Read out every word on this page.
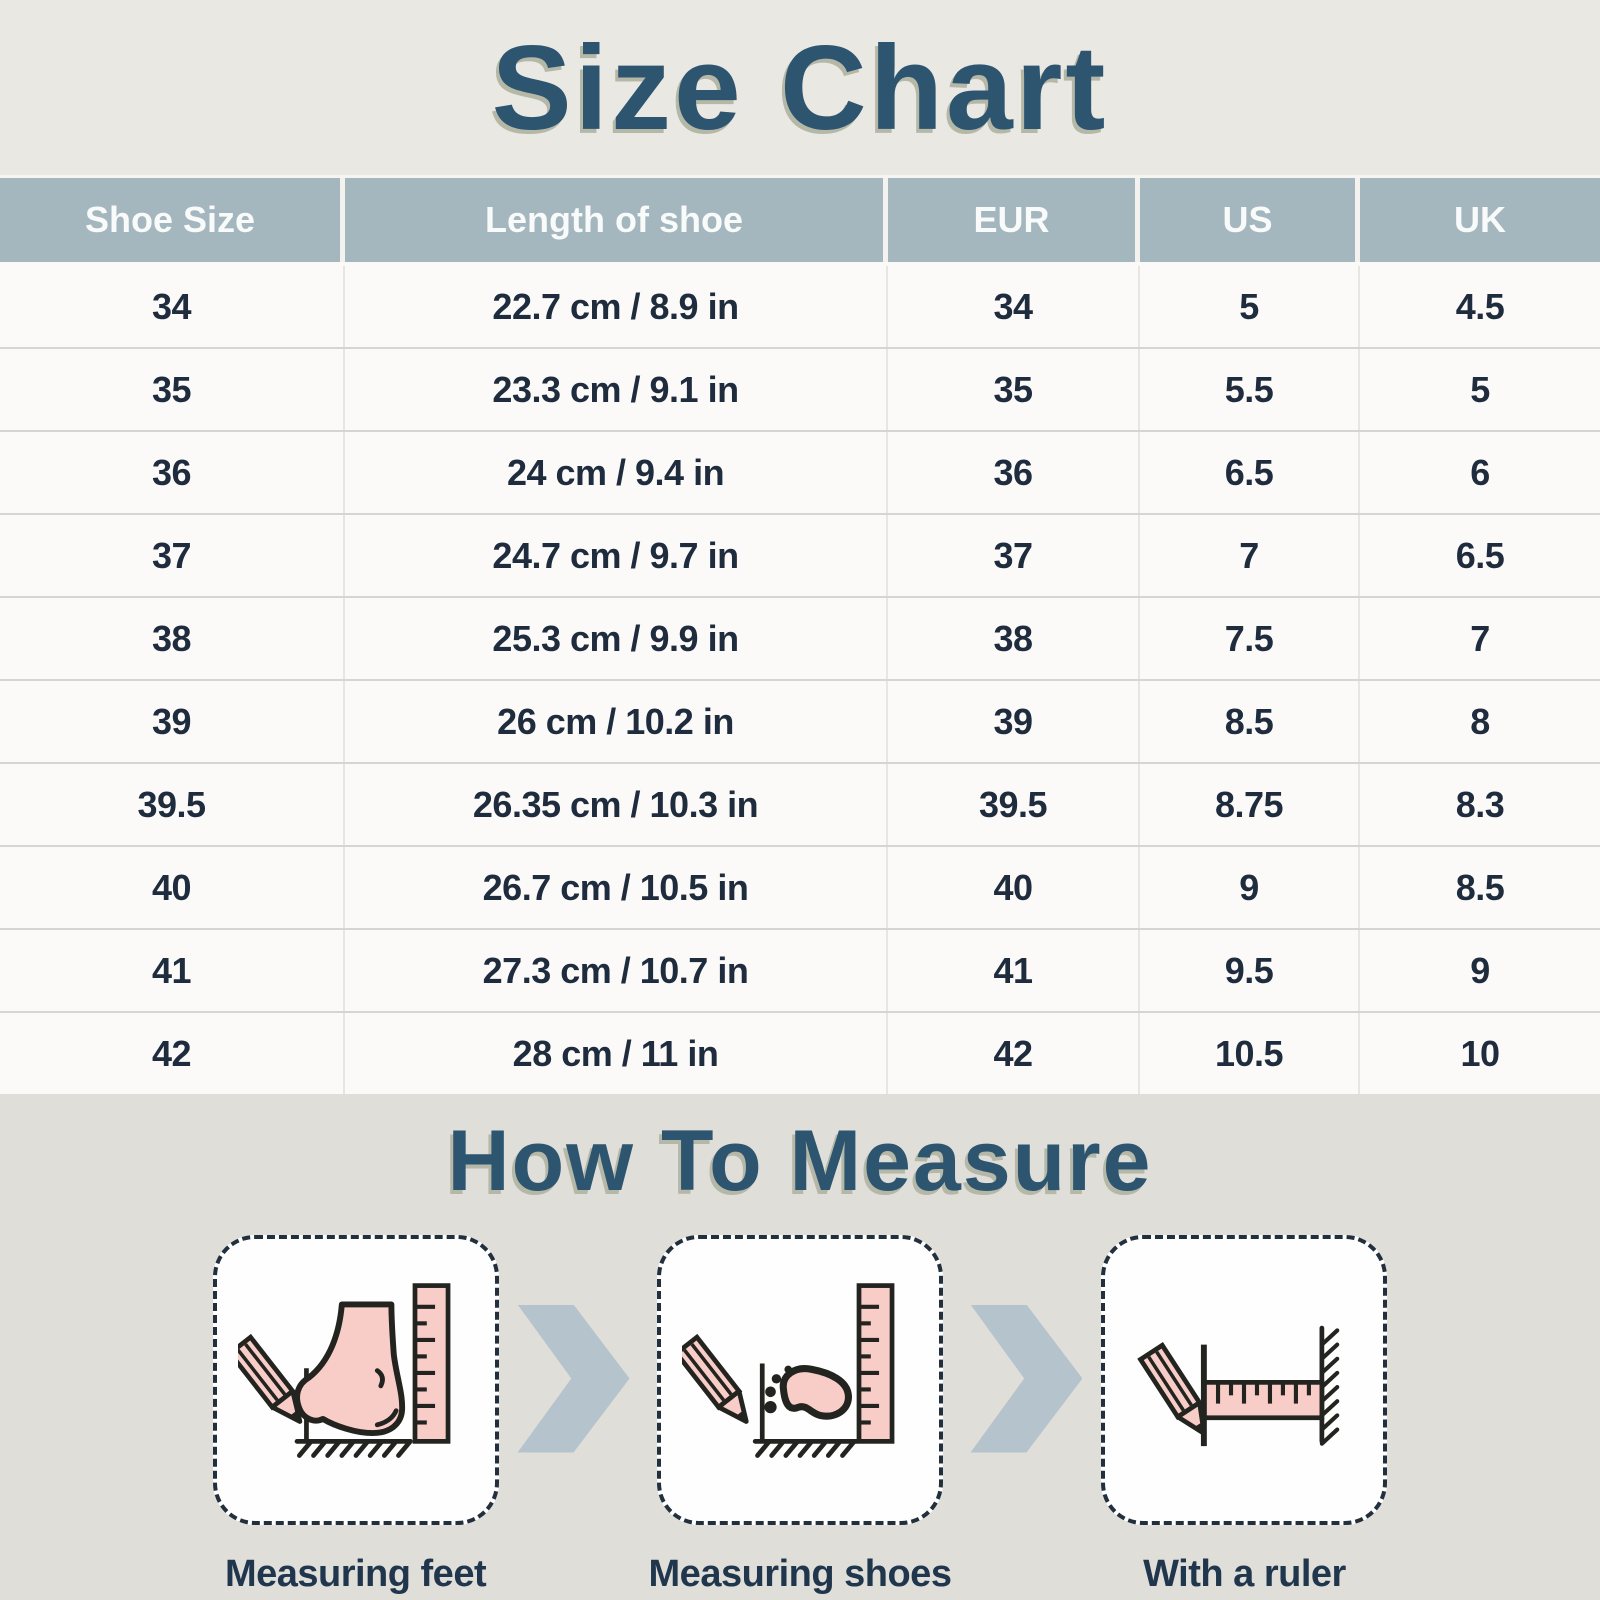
Size Chart
Shoe Size	Length of shoe	EUR	US	UK
34	22.7 cm / 8.9 in	34	5	4.5
35	23.3 cm / 9.1 in	35	5.5	5
36	24 cm / 9.4 in	36	6.5	6
37	24.7 cm / 9.7 in	37	7	6.5
38	25.3 cm / 9.9 in	38	7.5	7
39	26 cm / 10.2 in	39	8.5	8
39.5	26.35 cm / 10.3 in	39.5	8.75	8.3
40	26.7 cm / 10.5 in	40	9	8.5
41	27.3 cm / 10.7 in	41	9.5	9
42	28 cm / 11 in	42	10.5	10
How To Measure
Measuring feet	Measuring shoes	With a ruler
